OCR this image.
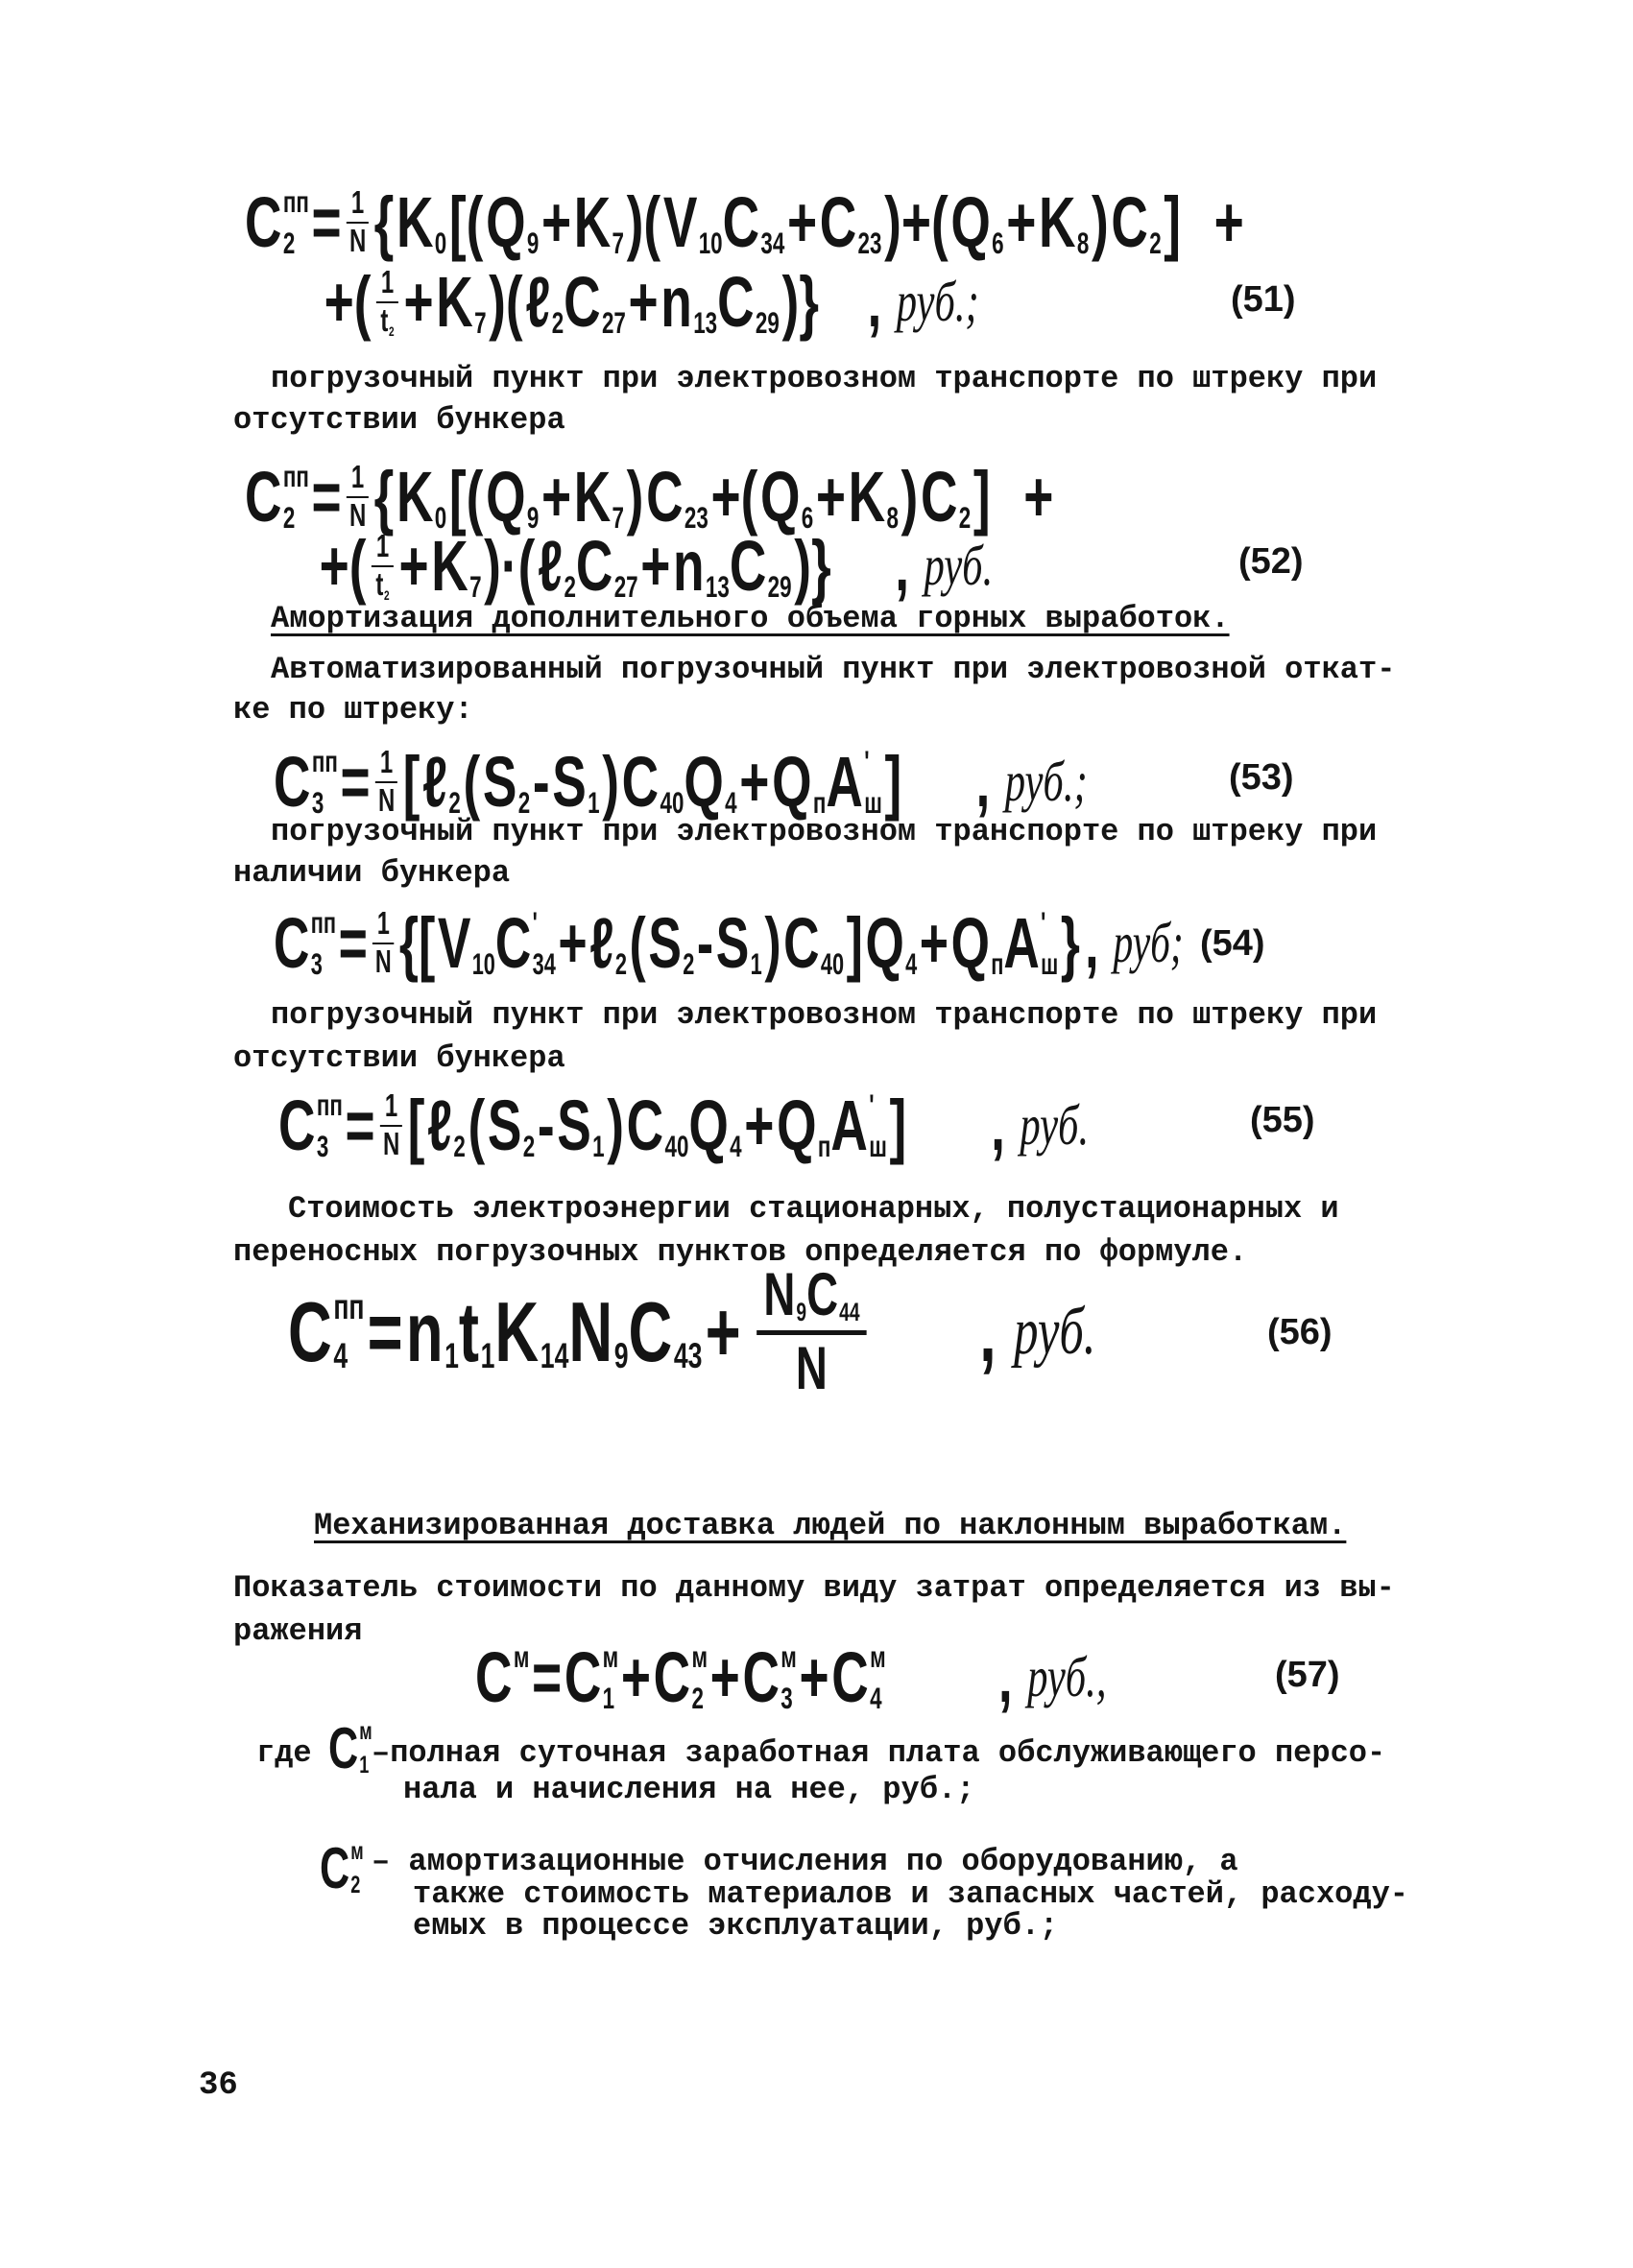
C пп
$2 = \frac{1}{N}$ { K 0 [( Q 9 + K 7 )( V 10 C 34 + C 23 )+( Q 6 + K 8 ) C 2 ] +
+( $\frac{1}{t 2} + K$ 7 )( ℓ 2 C 27 + n 13 C 29 )} , руб.;	(51)
погрузочный пункт при электровозном транспорте по штреку при
отсутствии бункера
C пп
$2 = \frac{1}{N}$ { K 0 [( Q 9 + K 7 ) C 23 +( Q 6 + K 8 ) C 2 ] +
+( $\frac{1}{t 2} + K$ 7 )·( ℓ 2 C 27 + n 13 C 29 )} , руб.	(52)
Амортизация дополнительного объема горных выработок.
Автоматизированный погрузочный пункт при электровозной откат-
ке по штреку:
C пп
$3 = \frac{1}{N}$ [ ℓ 2 ( S 2 - S 1 ) C 40 Q 4 + Q п A '
ш ] , руб.;	(53)
погрузочный пункт при электровозном транспорте по штреку при
наличии бункера
C пп
$3 = \frac{1}{N}$ {[ V 10 C '
34 + ℓ 2 ( S 2 - S 1 ) C 40 ] Q 4 + Q п A '
ш } , руб; (54)
погрузочный пункт при электровозном транспорте по штреку при
отсутствии бункера
C пп
$3 = \frac{1}{N}$ [ ℓ 2 ( S 2 - S 1 ) C 40 Q 4 + Q п A '
ш ] , руб.	(55)
Стоимость электроэнергии стационарных, полустационарных и
переносных погрузочных пунктов определяется по формуле.
C пп
4 = n 1 t 1 K 14 N 9 C $43 + \frac{N 9 C 44}{N}$ , руб.	(56)
Механизированная доставка людей по наклонным выработкам.
Показатель стоимости по данному виду затрат определяется из вы-
ражения
C м = C м
1 + C м
2 + C м
3 + C м
4 , руб.,	(57)
где C м
1 –полная суточная заработная плата обслуживающего персо-
нала и начисления на нее, руб.;
C м
2
– амортизационные отчисления по оборудованию, а
также стоимость материалов и запасных частей, расходу-
емых в процессе эксплуатации, руб.;
36
